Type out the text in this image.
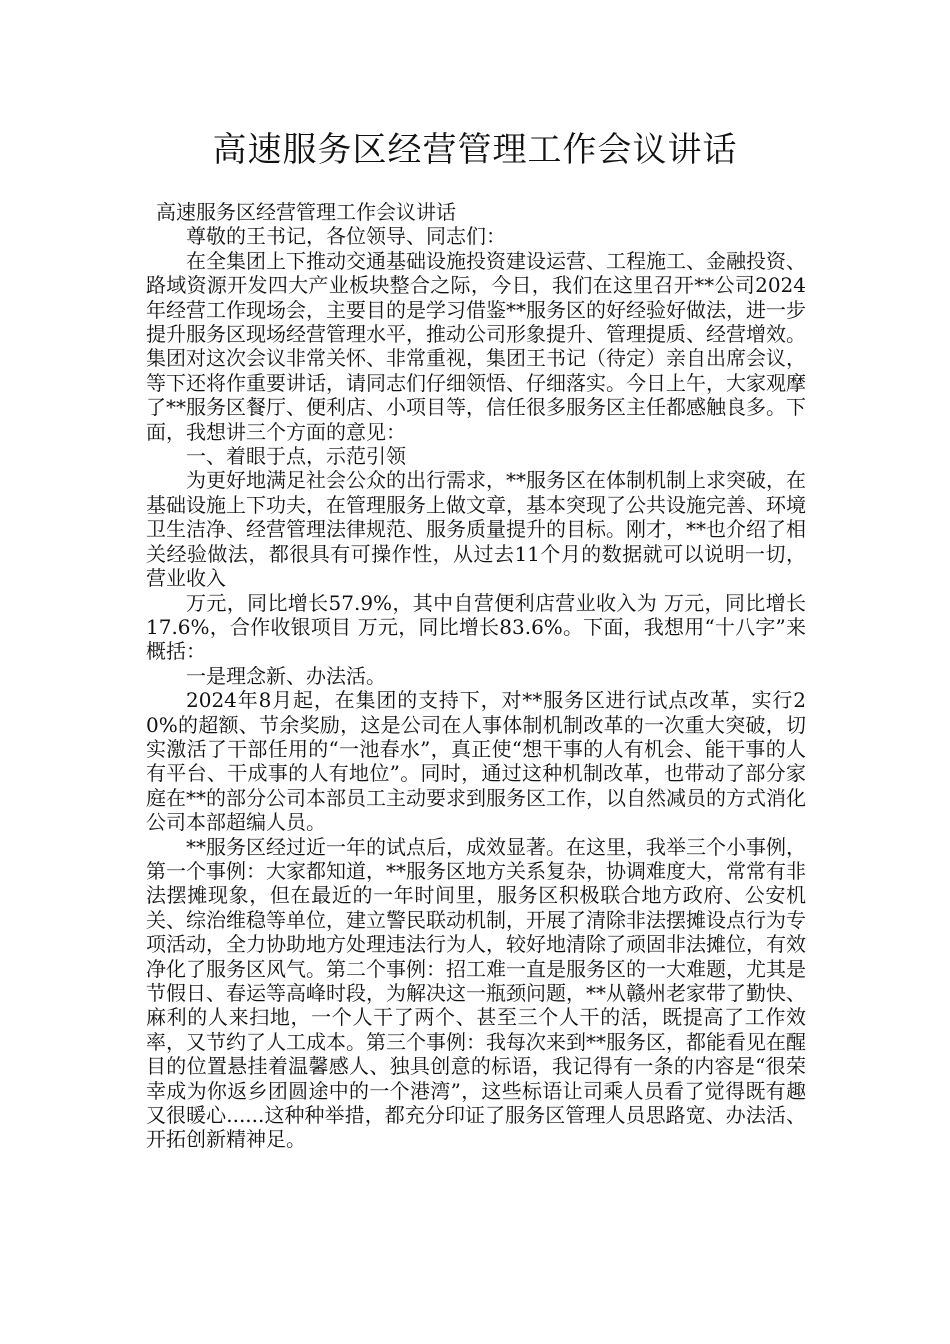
高速服务区经营管理工作会议讲话

高速服务区经营管理工作会议讲话

尊敬的王书记，各位领导、同志们：

在全集团上下推动交通基础设施投资建设运营、工程施工、金融投资、路域资源开发四大产业板块整合之际，今日，我们在这里召开**公司2024年经营工作现场会，主要目的是学习借鉴**服务区的好经验好做法，进一步提升服务区现场经营管理水平，推动公司形象提升、管理提质、经营增效。集团对这次会议非常关怀、非常重视，集团王书记（待定）亲自出席会议，等下还将作重要讲话，请同志们仔细领悟、仔细落实。今日上午，大家观摩了**服务区餐厅、便利店、小项目等，信任很多服务区主任都感触良多。下面，我想讲三个方面的意见：

一、着眼于点，示范引领

为更好地满足社会公众的出行需求，**服务区在体制机制上求突破，在基础设施上下功夫，在管理服务上做文章，基本突现了公共设施完善、环境卫生洁净、经营管理法律规范、服务质量提升的目标。刚才，**也介绍了相关经验做法，都很具有可操作性，从过去11个月的数据就可以说明一切，营业收入

万元，同比增长57.9%，其中自营便利店营业收入为 万元，同比增长17.6%，合作收银项目 万元，同比增长83.6%。下面，我想用“十八字”来概括：

一是理念新、办法活。

2024年8月起，在集团的支持下，对**服务区进行试点改革，实行20%的超额、节余奖励，这是公司在人事体制机制改革的一次重大突破，切实激活了干部任用的“一池春水”，真正使“想干事的人有机会、能干事的人有平台、干成事的人有地位”。同时，通过这种机制改革，也带动了部分家庭在**的部分公司本部员工主动要求到服务区工作，以自然减员的方式消化公司本部超编人员。

**服务区经过近一年的试点后，成效显著。在这里，我举三个小事例，第一个事例：大家都知道，**服务区地方关系复杂，协调难度大，常常有非法摆摊现象，但在最近的一年时间里，服务区积极联合地方政府、公安机关、综治维稳等单位，建立警民联动机制，开展了清除非法摆摊设点行为专项活动，全力协助地方处理违法行为人，较好地清除了顽固非法摊位，有效净化了服务区风气。第二个事例：招工难一直是服务区的一大难题，尤其是节假日、春运等高峰时段，为解决这一瓶颈问题，**从赣州老家带了勤快、麻利的人来扫地，一个人干了两个、甚至三个人干的活，既提高了工作效率，又节约了人工成本。第三个事例：我每次来到**服务区，都能看见在醒目的位置悬挂着温馨感人、独具创意的标语，我记得有一条的内容是“很荣幸成为你返乡团圆途中的一个港湾”，这些标语让司乘人员看了觉得既有趣又很暖心......这种种举措，都充分印证了服务区管理人员思路宽、办法活、开拓创新精神足。
